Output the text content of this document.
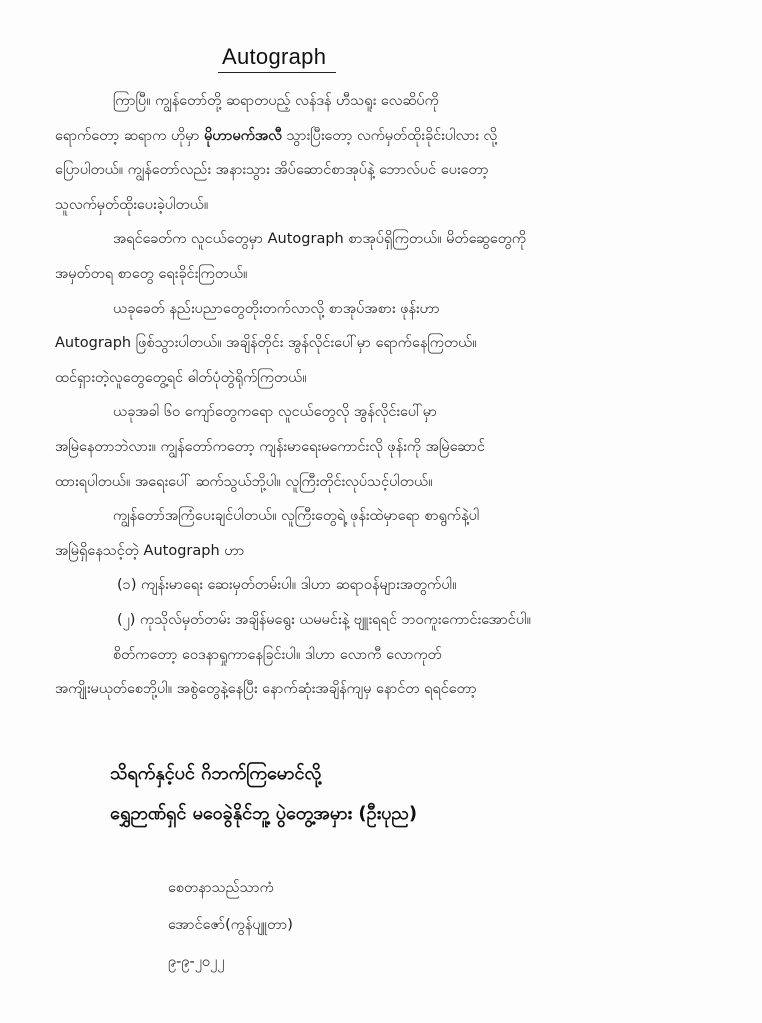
Autograph
ကြာပြီ။ ကျွန်တော်တို့ ဆရာတပည့် လန်ဒန် ဟီသရူး လေဆိပ်ကို
ရောက်တော့ ဆရာက ဟိုမှာ မိုဟာမက်အလီ သွားပြီးတော့ လက်မှတ်ထိုးခိုင်းပါလား လို့
ပြောပါတယ်။ ကျွန်တော်လည်း အနားသွား အိပ်ဆောင်စာအုပ်နဲ့ ဘောလ်ပင် ပေးတော့
သူလက်မှတ်ထိုးပေးခဲ့ပါတယ်။
အရင်ခေတ်က လူငယ်တွေမှာ Autograph စာအုပ်ရှိကြတယ်။ မိတ်ဆွေတွေကို
အမှတ်တရ စာတွေ ရေးခိုင်းကြတယ်။
ယခုခေတ် နည်းပညာတွေတိုးတက်လာလို့ စာအုပ်အစား ဖုန်းဟာ
Autograph ဖြစ်သွားပါတယ်။ အချိန်တိုင်း အွန်လိုင်းပေါ်မှာ ရောက်နေကြတယ်။
ထင်ရှားတဲ့လူတွေတွေ့ရင် ဓါတ်ပုံတွဲရိုက်ကြတယ်။
ယခုအခါ ၆၀ ကျော်တွေကရော လူငယ်တွေလို အွန်လိုင်းပေါ်မှာ
အမြဲနေတာဘဲလား။ ကျွန်တော်ကတော့ ကျန်းမာရေးမကောင်းလို ဖုန်းကို အမြဲဆောင်
ထားရပါတယ်။ အရေးပေါ် ဆက်သွယ်ဘို့ပါ။ လူကြီးတိုင်းလုပ်သင့်ပါတယ်။
ကျွန်တော်အကြံပေးချင်ပါတယ်။ လူကြီးတွေရဲ့ ဖုန်းထဲမှာရော စာရွက်နဲ့ပါ
အမြဲရှိနေသင့်တဲ့ Autograph ဟာ
(၁) ကျန်းမာရေး ဆေးမှတ်တမ်းပါ။ ဒါဟာ ဆရာဝန်များအတွက်ပါ။
(၂) ကုသိုလ်မှတ်တမ်း အချိန်မရွေး ယမမင်းနဲ့ ဗျူးရရင် ဘဝကူးကောင်းအောင်ပါ။
စိတ်ကတော့ ဝေဒနာရှုကာနေခြင်းပါ။ ဒါဟာ လောကီ လောကုတ်
အကျိုးမယုတ်စေဘို့ပါ။ အစွဲတွေနဲ့နေပြီး နောက်ဆုံးအချိန်ကျမှ နောင်တ ရရင်တော့
သိရက်နှင့်ပင် ဂိဘက်ကြမောင်လို့
ရွှေဉာဏ်ရှင် မဝေခွဲနိုင်ဘူ့ ပွဲတွေ့အမှား (ဦးပုည)
စေတနာသည်သာကံ
အောင်ဇော်(ကွန်ပျူတာ)
၉-၉-၂၀၂၂
